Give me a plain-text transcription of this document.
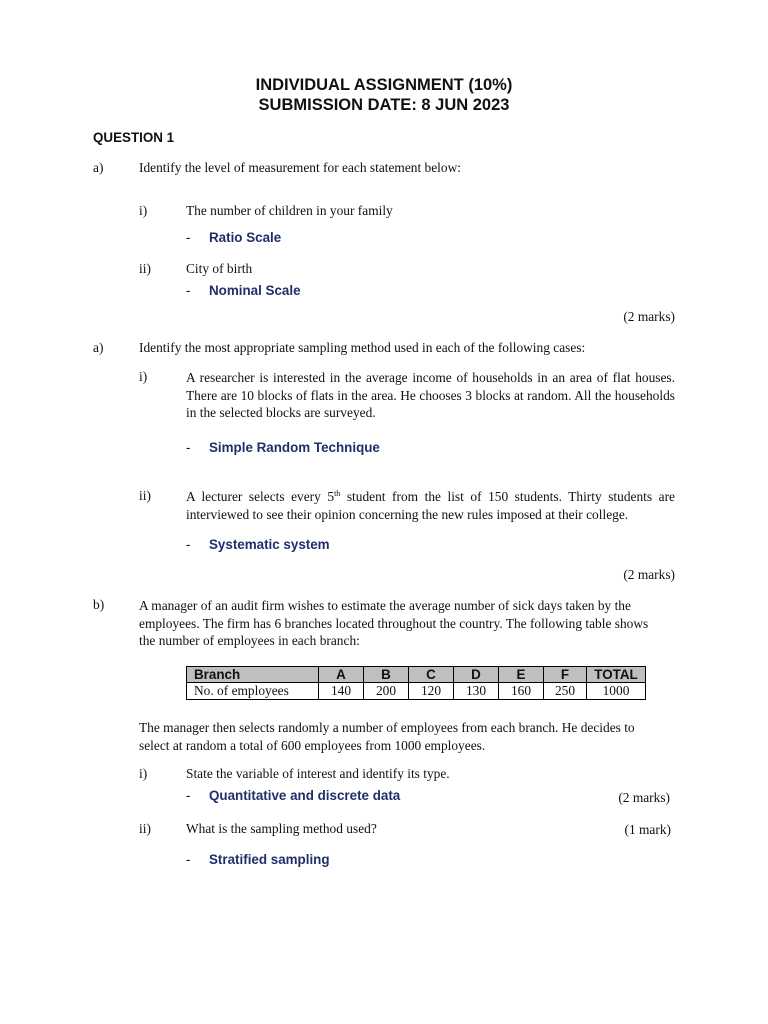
INDIVIDUAL ASSIGNMENT (10%)
SUBMISSION DATE: 8 JUN 2023
QUESTION 1
a)	Identify the level of measurement for each statement below:
i)	The number of children in your family
- Ratio Scale
ii)	City of birth
- Nominal Scale
(2 marks)
a)	Identify the most appropriate sampling method used in each of the following cases:
i)	A researcher is interested in the average income of households in an area of flat houses. There are 10 blocks of flats in the area. He chooses 3 blocks at random. All the households in the selected blocks are surveyed.
- Simple Random Technique
ii)	A lecturer selects every 5th student from the list of 150 students. Thirty students are interviewed to see their opinion concerning the new rules imposed at their college.
- Systematic system
(2 marks)
b)	A manager of an audit firm wishes to estimate the average number of sick days taken by the employees. The firm has 6 branches located throughout the country. The following table shows the number of employees in each branch:
Branch	A	B	C	D	E	F	TOTAL
No. of employees	140	200	120	130	160	250	1000
The manager then selects randomly a number of employees from each branch. He decides to select at random a total of 600 employees from 1000 employees.
i)	State the variable of interest and identify its type.
- Quantitative and discrete data	(2 marks)
ii)	What is the sampling method used?	(1 mark)
- Stratified sampling
